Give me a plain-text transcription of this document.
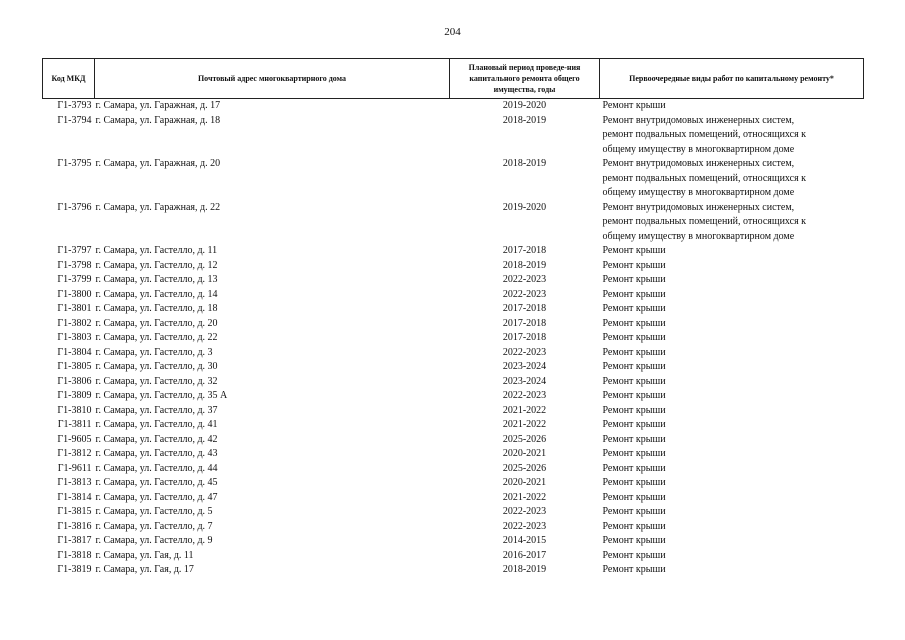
204
Код МКД	Почтовый адрес многоквартирного дома	Плановый период проведе-ния капитального ремонта общего имущества, годы	Первоочередные виды работ по капитальному ремонту*
Г1-3793	г. Самара, ул. Гаражная, д. 17	2019-2020	Ремонт крыши

Г1-3794	г. Самара, ул. Гаражная, д. 18	2018-2019	Ремонт внутридомовых инженерных систем,
ремонт подвальных помещений, относящихся к
общему имуществу в многоквартирном доме

Г1-3795	г. Самара, ул. Гаражная, д. 20	2018-2019	Ремонт внутридомовых инженерных систем,
ремонт подвальных помещений, относящихся к
общему имуществу в многоквартирном доме

Г1-3796	г. Самара, ул. Гаражная, д. 22	2019-2020	Ремонт внутридомовых инженерных систем,
ремонт подвальных помещений, относящихся к
общему имуществу в многоквартирном доме

Г1-3797	г. Самара, ул. Гастелло, д. 11	2017-2018	Ремонт крыши

Г1-3798	г. Самара, ул. Гастелло, д. 12	2018-2019	Ремонт крыши

Г1-3799	г. Самара, ул. Гастелло, д. 13	2022-2023	Ремонт крыши

Г1-3800	г. Самара, ул. Гастелло, д. 14	2022-2023	Ремонт крыши

Г1-3801	г. Самара, ул. Гастелло, д. 18	2017-2018	Ремонт крыши

Г1-3802	г. Самара, ул. Гастелло, д. 20	2017-2018	Ремонт крыши

Г1-3803	г. Самара, ул. Гастелло, д. 22	2017-2018	Ремонт крыши

Г1-3804	г. Самара, ул. Гастелло, д. 3	2022-2023	Ремонт крыши

Г1-3805	г. Самара, ул. Гастелло, д. 30	2023-2024	Ремонт крыши

Г1-3806	г. Самара, ул. Гастелло, д. 32	2023-2024	Ремонт крыши

Г1-3809	г. Самара, ул. Гастелло, д. 35 А	2022-2023	Ремонт крыши

Г1-3810	г. Самара, ул. Гастелло, д. 37	2021-2022	Ремонт крыши

Г1-3811	г. Самара, ул. Гастелло, д. 41	2021-2022	Ремонт крыши

Г1-9605	г. Самара, ул. Гастелло, д. 42	2025-2026	Ремонт крыши

Г1-3812	г. Самара, ул. Гастелло, д. 43	2020-2021	Ремонт крыши

Г1-9611	г. Самара, ул. Гастелло, д. 44	2025-2026	Ремонт крыши

Г1-3813	г. Самара, ул. Гастелло, д. 45	2020-2021	Ремонт крыши

Г1-3814	г. Самара, ул. Гастелло, д. 47	2021-2022	Ремонт крыши

Г1-3815	г. Самара, ул. Гастелло, д. 5	2022-2023	Ремонт крыши

Г1-3816	г. Самара, ул. Гастелло, д. 7	2022-2023	Ремонт крыши

Г1-3817	г. Самара, ул. Гастелло, д. 9	2014-2015	Ремонт крыши

Г1-3818	г. Самара, ул. Гая, д. 11	2016-2017	Ремонт крыши

Г1-3819	г. Самара, ул. Гая, д. 17	2018-2019	Ремонт крыши
